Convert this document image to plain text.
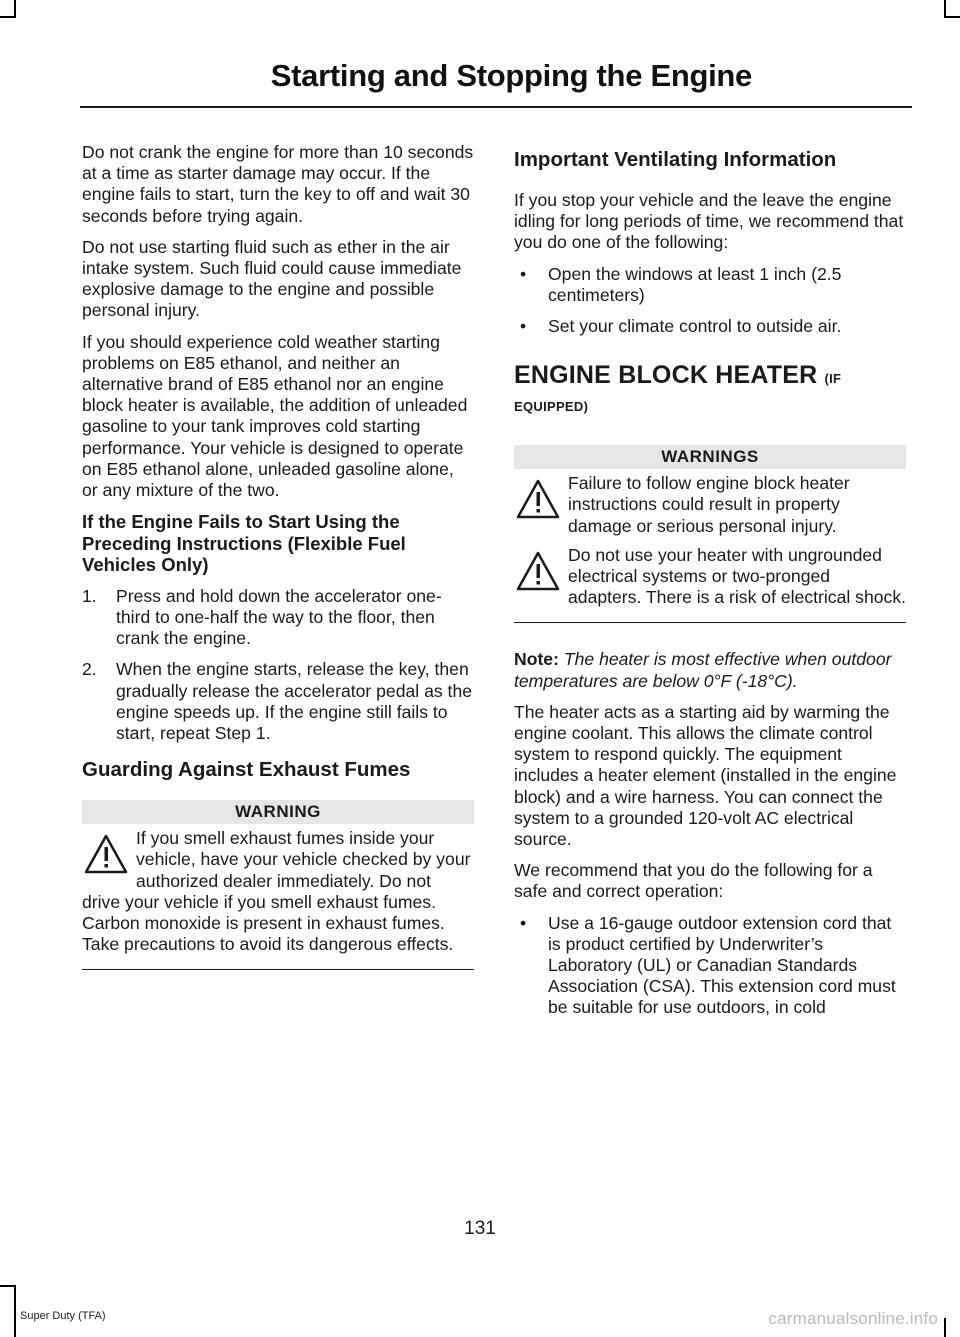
Starting and Stopping the Engine

Do not crank the engine for more than 10 seconds at a time as starter damage may occur. If the engine fails to start, turn the key to off and wait 30 seconds before trying again.

Do not use starting fluid such as ether in the air intake system. Such fluid could cause immediate explosive damage to the engine and possible personal injury.

If you should experience cold weather starting problems on E85 ethanol, and neither an alternative brand of E85 ethanol nor an engine block heater is available, the addition of unleaded gasoline to your tank improves cold starting performance. Your vehicle is designed to operate on E85 ethanol alone, unleaded gasoline alone, or any mixture of the two.

If the Engine Fails to Start Using the Preceding Instructions (Flexible Fuel Vehicles Only)
1. Press and hold down the accelerator one-third to one-half the way to the floor, then crank the engine.
2. When the engine starts, release the key, then gradually release the accelerator pedal as the engine speeds up. If the engine still fails to start, repeat Step 1.
Guarding Against Exhaust Fumes
WARNING

If you smell exhaust fumes inside your vehicle, have your vehicle checked by your authorized dealer immediately. Do not drive your vehicle if you smell exhaust fumes. Carbon monoxide is present in exhaust fumes. Take precautions to avoid its dangerous effects.

Important Ventilating Information

If you stop your vehicle and the leave the engine idling for long periods of time, we recommend that you do one of the following:

• Open the windows at least 1 inch (2.5 centimeters)
• Set your climate control to outside air.
ENGINE BLOCK HEATER (IF
EQUIPPED)
WARNINGS

Failure to follow engine block heater instructions could result in property damage or serious personal injury.

Do not use your heater with ungrounded electrical systems or two-pronged adapters. There is a risk of electrical shock.

Note: The heater is most effective when outdoor temperatures are below 0°F (-18°C).

The heater acts as a starting aid by warming the engine coolant. This allows the climate control system to respond quickly. The equipment includes a heater element (installed in the engine block) and a wire harness. You can connect the system to a grounded 120-volt AC electrical source.

We recommend that you do the following for a safe and correct operation:

• Use a 16-gauge outdoor extension cord that is product certified by Underwriter’s Laboratory (UL) or Canadian Standards Association (CSA). This extension cord must be suitable for use outdoors, in cold
131
Super Duty (TFA)	carmanualsonline.info
